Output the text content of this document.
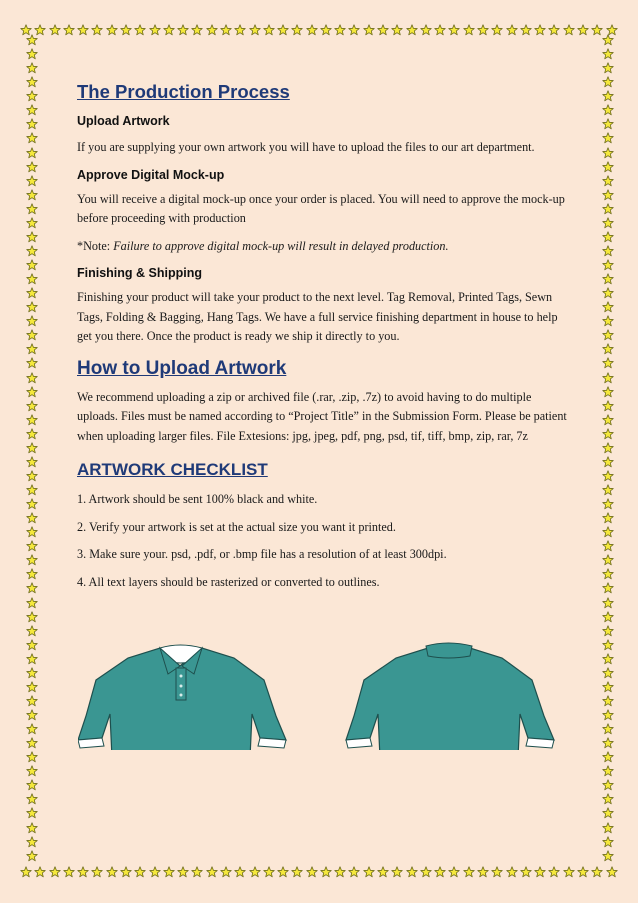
The Production Process
Upload Artwork

If you are supplying your own artwork you will have to upload the files to our art department.

Approve Digital Mock-up

You will receive a digital mock-up once your order is placed. You will need to approve the mock-up before proceeding with production

*Note: Failure to approve digital mock-up will result in delayed production.

Finishing & Shipping

Finishing your product will take your product to the next level. Tag Removal, Printed Tags, Sewn Tags, Folding & Bagging, Hang Tags. We have a full service finishing department in house to help get you there. Once the product is ready we ship it directly to you.

How to Upload Artwork

We recommend uploading a zip or archived file (.rar, .zip, .7z) to avoid having to do multiple uploads. Files must be named according to “Project Title” in the Submission Form. Please be patient when uploading larger files. File Extesions: jpg, jpeg, pdf, png, psd, tif, tiff, bmp, zip, rar, 7z

ARTWORK CHECKLIST

1. Artwork should be sent 100% black and white.

2. Verify your artwork is set at the actual size you want it printed.

3. Make sure your. psd, .pdf, or .bmp file has a resolution of at least 300dpi.

4. All text layers should be rasterized or converted to outlines.
